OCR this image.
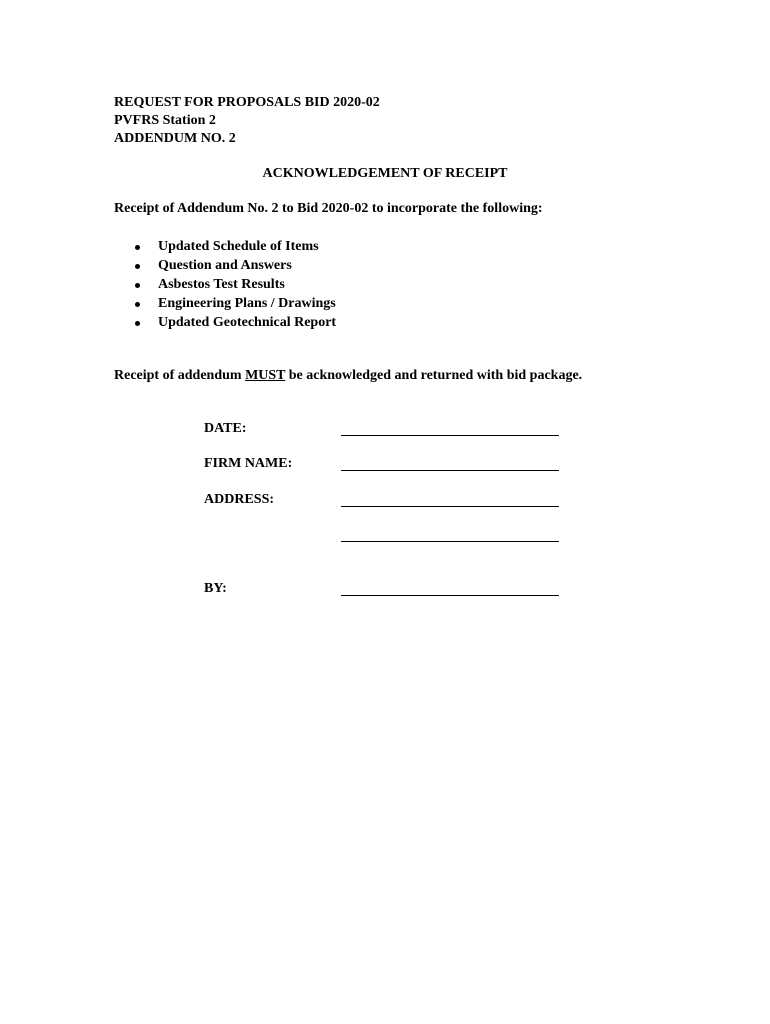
REQUEST FOR PROPOSALS BID 2020-02
PVFRS Station 2
ADDENDUM NO. 2
ACKNOWLEDGEMENT OF RECEIPT
Receipt of Addendum No. 2 to Bid 2020-02 to incorporate the following:
Updated Schedule of Items
Question and Answers
Asbestos Test Results
Engineering Plans / Drawings
Updated Geotechnical Report
Receipt of addendum MUST be acknowledged and returned with bid package.
DATE:
FIRM NAME:
ADDRESS:
BY:
